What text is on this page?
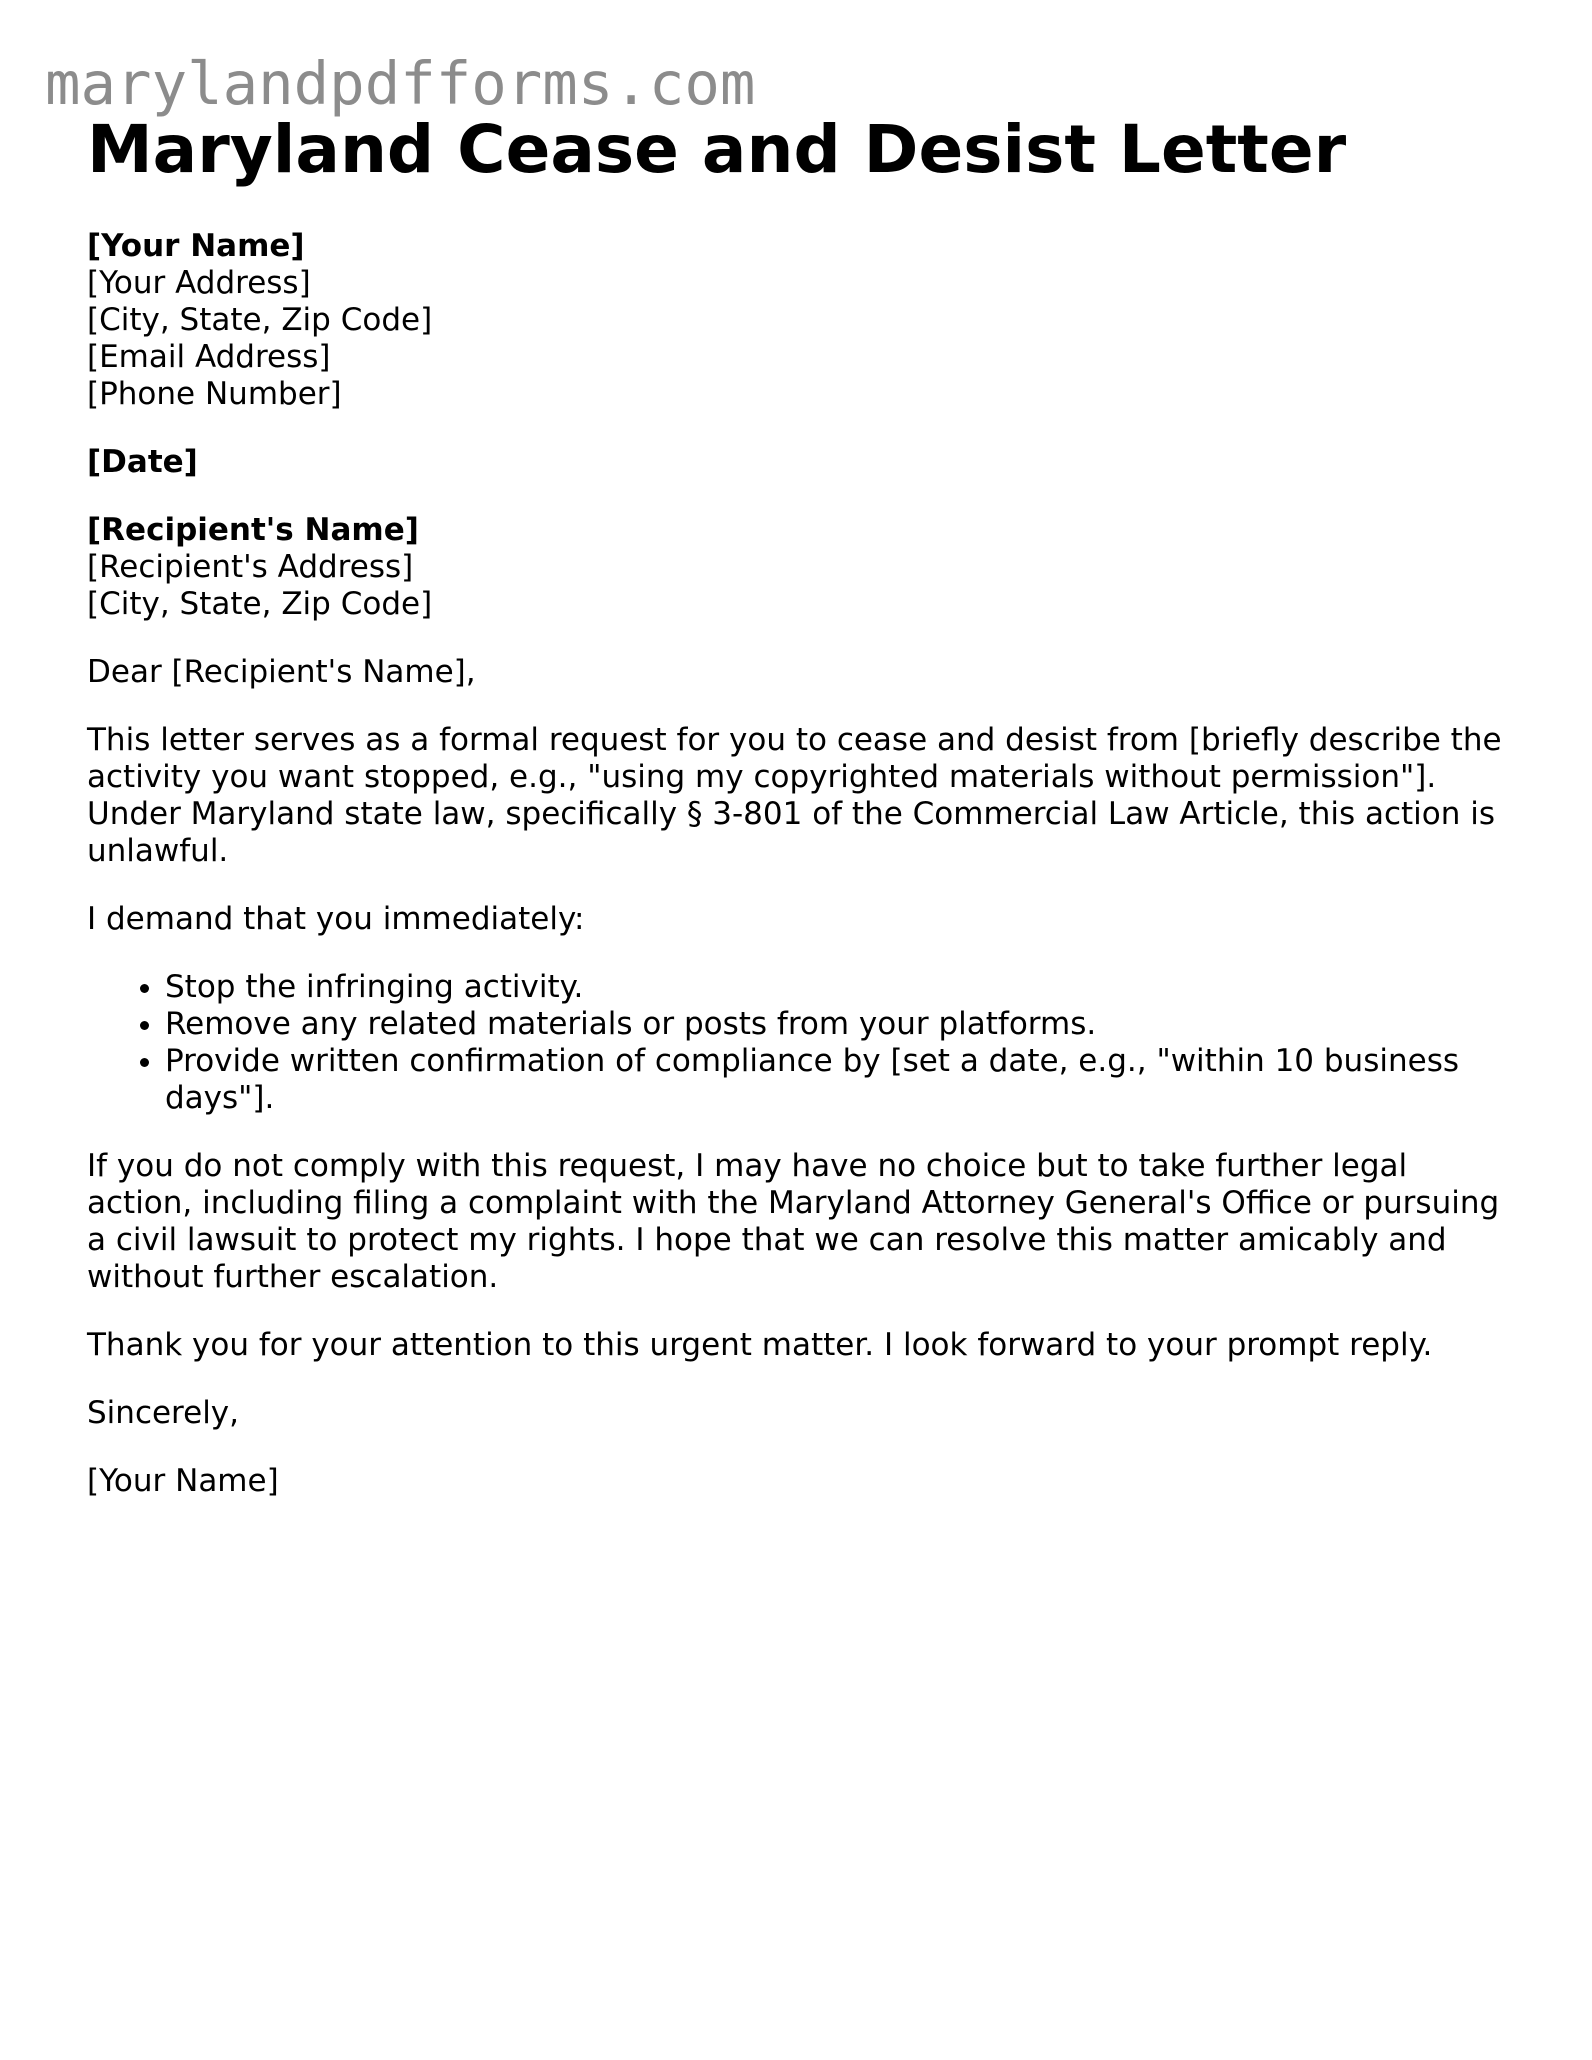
marylandpdfforms.com
Maryland Cease and Desist Letter
[Your Name]
[Your Address]
[City, State, Zip Code]
[Email Address]
[Phone Number]
[Date]
[Recipient's Name]
[Recipient's Address]
[City, State, Zip Code]

Dear [Recipient's Name],

This letter serves as a formal request for you to cease and desist from [briefly describe the activity you want stopped, e.g., "using my copyrighted materials without permission"]. Under Maryland state law, specifically § 3-801 of the Commercial Law Article, this action is unlawful.

I demand that you immediately:

• Stop the infringing activity.
• Remove any related materials or posts from your platforms.
• Provide written confirmation of compliance by [set a date, e.g., "within 10 business days"].

If you do not comply with this request, I may have no choice but to take further legal action, including filing a complaint with the Maryland Attorney General's Office or pursuing a civil lawsuit to protect my rights. I hope that we can resolve this matter amicably and without further escalation.

Thank you for your attention to this urgent matter. I look forward to your prompt reply.

Sincerely,

[Your Name]
